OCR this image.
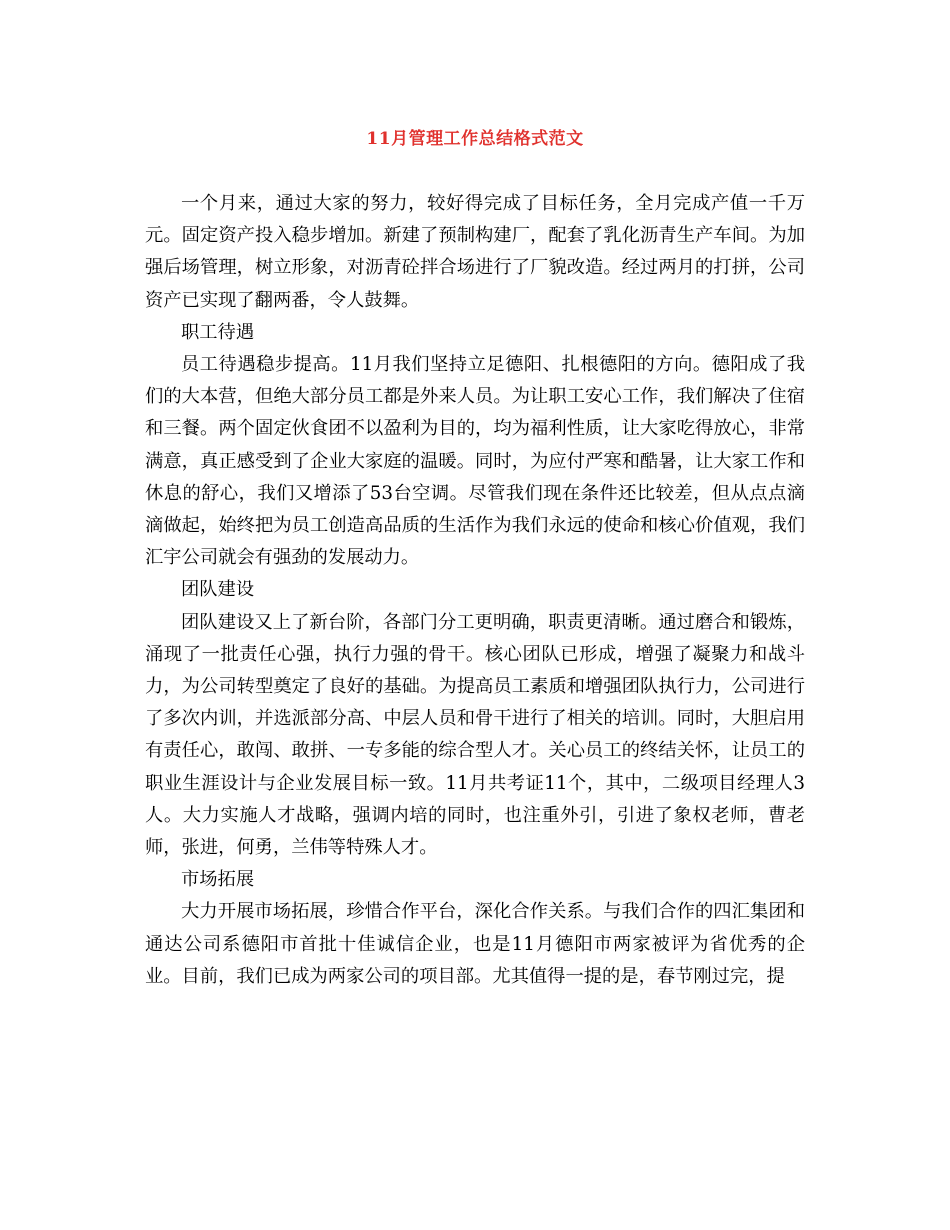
11月管理工作总结格式范文

一个月来，通过大家的努力，较好得完成了目标任务，全月完成产值一千万元。固定资产投入稳步增加。新建了预制构建厂，配套了乳化沥青生产车间。为加强后场管理，树立形象，对沥青砼拌合场进行了厂貌改造。经过两月的打拼，公司资产已实现了翻两番，令人鼓舞。

职工待遇

员工待遇稳步提高。11月我们坚持立足德阳、扎根德阳的方向。德阳成了我们的大本营，但绝大部分员工都是外来人员。为让职工安心工作，我们解决了住宿和三餐。两个固定伙食团不以盈利为目的，均为福利性质，让大家吃得放心，非常满意，真正感受到了企业大家庭的温暖。同时，为应付严寒和酷暑，让大家工作和休息的舒心，我们又增添了53台空调。尽管我们现在条件还比较差，但从点点滴滴做起，始终把为员工创造高品质的生活作为我们永远的使命和核心价值观，我们汇宇公司就会有强劲的发展动力。

团队建设

团队建设又上了新台阶，各部门分工更明确，职责更清晰。通过磨合和锻炼，涌现了一批责任心强，执行力强的骨干。核心团队已形成，增强了凝聚力和战斗力，为公司转型奠定了良好的基础。为提高员工素质和增强团队执行力，公司进行了多次内训，并选派部分高、中层人员和骨干进行了相关的培训。同时，大胆启用有责任心，敢闯、敢拼、一专多能的综合型人才。关心员工的终结关怀，让员工的职业生涯设计与企业发展目标一致。11月共考证11个，其中，二级项目经理人3人。大力实施人才战略，强调内培的同时，也注重外引，引进了象权老师，曹老师，张进，何勇，兰伟等特殊人才。

市场拓展

大力开展市场拓展，珍惜合作平台，深化合作关系。与我们合作的四汇集团和通达公司系德阳市首批十佳诚信企业，也是11月德阳市两家被评为省优秀的企业。目前，我们已成为两家公司的项目部。尤其值得一提的是，春节刚过完，提
